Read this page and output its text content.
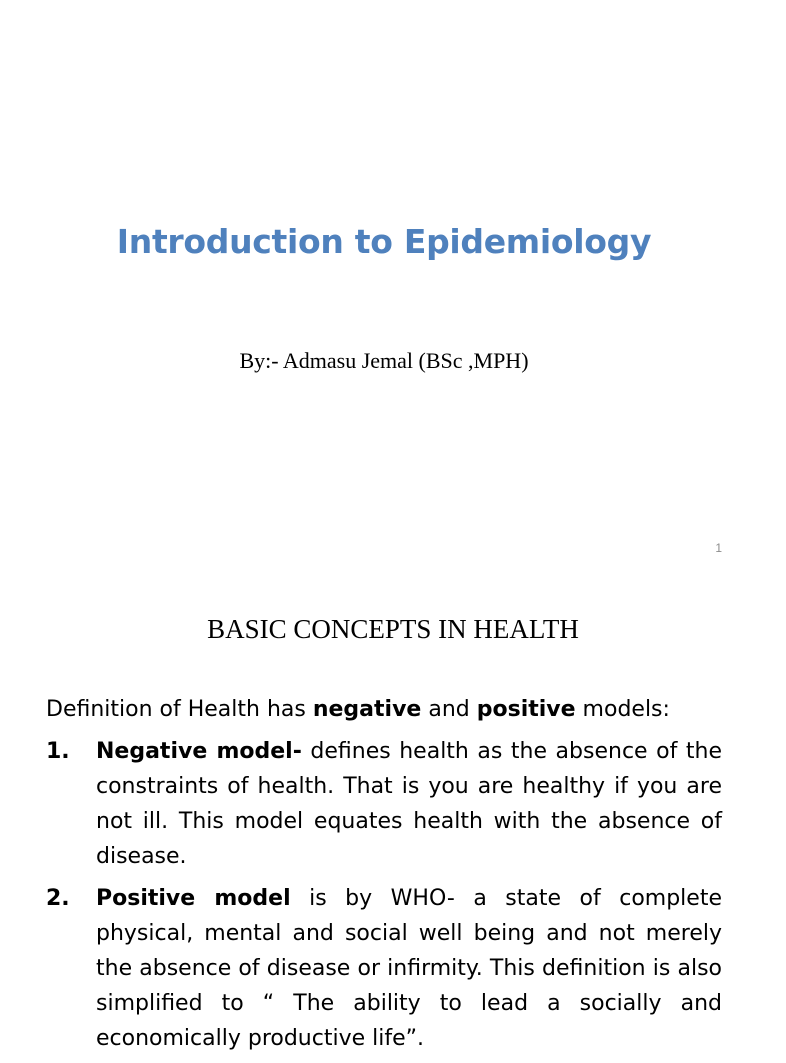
Introduction to Epidemiology
By:- Admasu Jemal (BSc ,MPH)
1
BASIC CONCEPTS IN HEALTH

Definition of Health has negative and positive models:

1. Negative model- defines health as the absence of the constraints of health. That is you are healthy if you are not ill. This model equates health with the absence of disease.
2. Positive model is by WHO- a state of complete physical, mental and social well being and not merely the absence of disease or infirmity. This definition is also simplified to “ The ability to lead a socially and economically productive life”.
